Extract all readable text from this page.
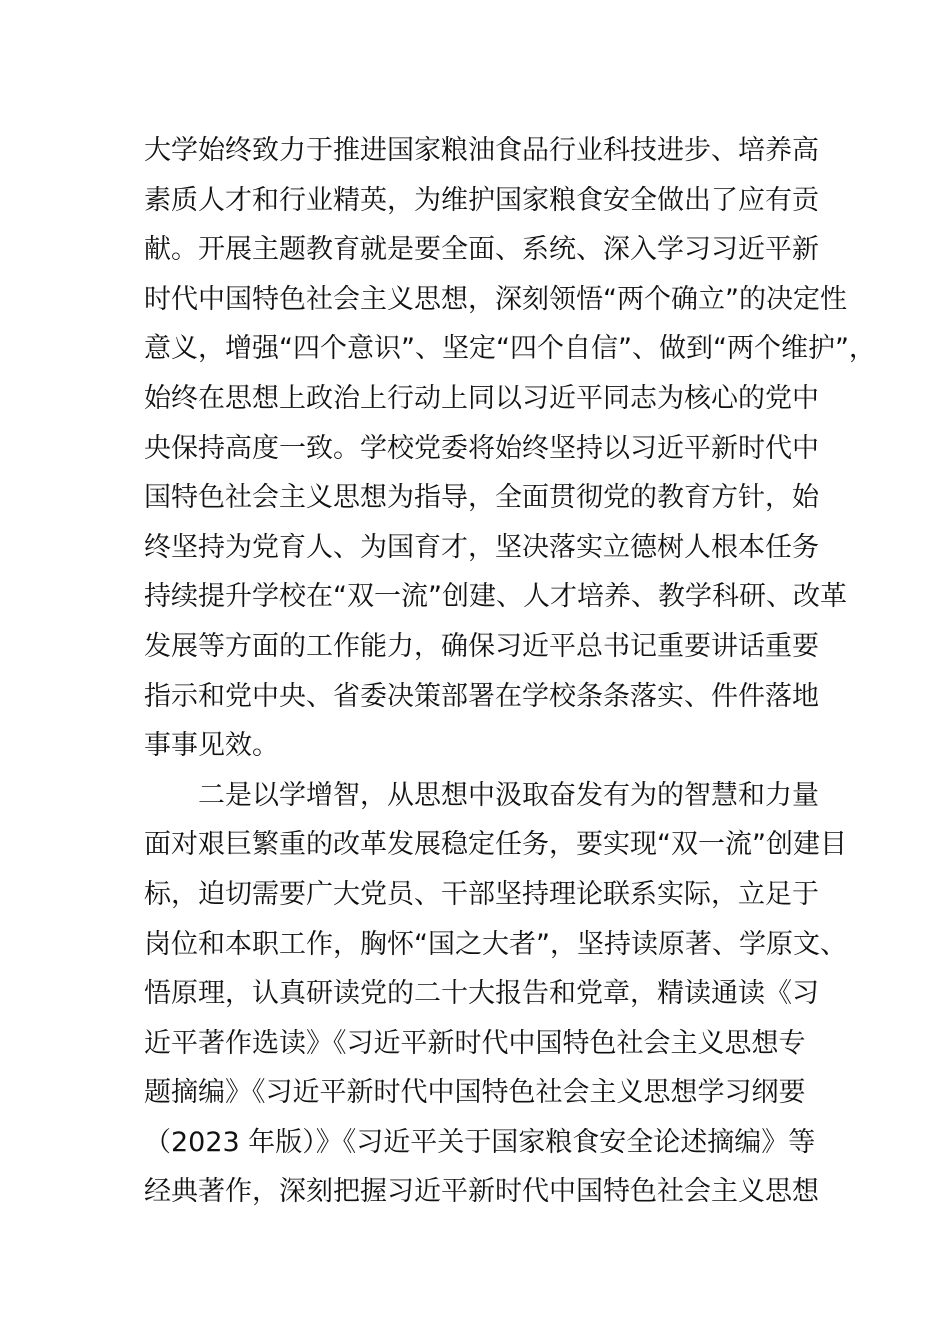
大学始终致力于推进国家粮油食品行业科技进步、培养高
素质人才和行业精英，为维护国家粮食安全做出了应有贡
献。开展主题教育就是要全面、系统、深入学习习近平新
时代中国特色社会主义思想，深刻领悟“两个确立”的决定性
意义，增强“四个意识”、坚定“四个自信”、做到“两个维护”，
始终在思想上政治上行动上同以习近平同志为核心的党中
央保持高度一致。学校党委将始终坚持以习近平新时代中
国特色社会主义思想为指导，全面贯彻党的教育方针，始
终坚持为党育人、为国育才，坚决落实立德树人根本任务
持续提升学校在“双一流”创建、人才培养、教学科研、改革
发展等方面的工作能力，确保习近平总书记重要讲话重要
指示和党中央、省委决策部署在学校条条落实、件件落地
事事见效。
二是以学增智，从思想中汲取奋发有为的智慧和力量
面对艰巨繁重的改革发展稳定任务，要实现“双一流”创建目
标，迫切需要广大党员、干部坚持理论联系实际，立足于
岗位和本职工作，胸怀“国之大者”，坚持读原著、学原文、
悟原理，认真研读党的二十大报告和党章，精读通读《习
近平著作选读》《习近平新时代中国特色社会主义思想专
题摘编》《习近平新时代中国特色社会主义思想学习纲要
（2023 年版）》《习近平关于国家粮食安全论述摘编》等
经典著作，深刻把握习近平新时代中国特色社会主义思想
